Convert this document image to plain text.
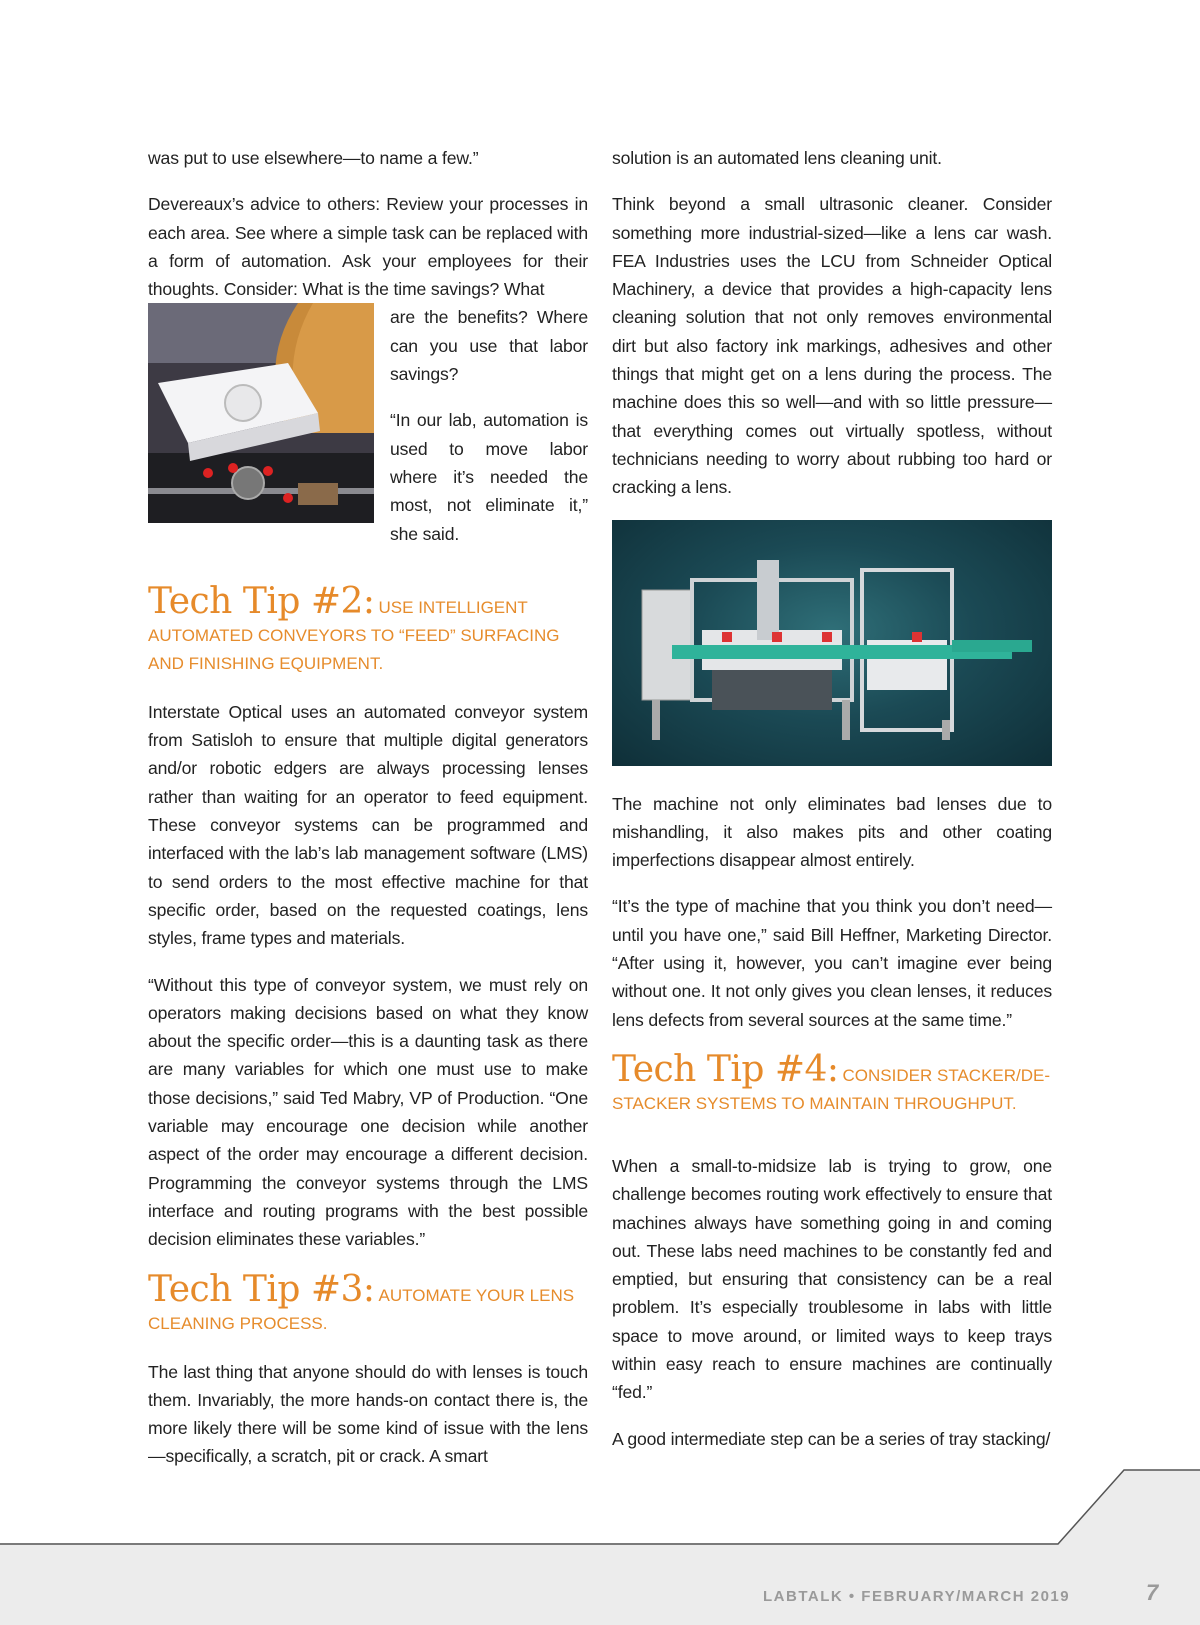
was put to use elsewhere—to name a few.”

Devereaux’s advice to others: Review your processes in each area. See where a simple task can be replaced with a form of automation. Ask your employees for their thoughts. Consider: What is the time savings? What

are the benefits? Where can you use that labor savings?

“In our lab, automation is used to move labor where it’s needed the most, not eliminate it,” she said.

Tech Tip #2: USE INTELLIGENT AUTOMATED CONVEYORS TO “FEED” SURFACING AND FINISHING EQUIPMENT.

Interstate Optical uses an automated conveyor system from Satisloh to ensure that multiple digital generators and/or robotic edgers are always processing lenses rather than waiting for an operator to feed equipment. These conveyor systems can be programmed and interfaced with the lab’s lab management software (LMS) to send orders to the most effective machine for that specific order, based on the requested coatings, lens styles, frame types and materials.

“Without this type of conveyor system, we must rely on operators making decisions based on what they know about the specific order—this is a daunting task as there are many variables for which one must use to make those decisions,” said Ted Mabry, VP of Production. “One variable may encourage one decision while another aspect of the order may encourage a different decision. Programming the conveyor systems through the LMS interface and routing programs with the best possible decision eliminates these variables.”

Tech Tip #3: AUTOMATE YOUR LENS CLEANING PROCESS.

The last thing that anyone should do with lenses is touch them. Invariably, the more hands-on contact there is, the more likely there will be some kind of issue with the lens—specifically, a scratch, pit or crack. A smart

solution is an automated lens cleaning unit.

Think beyond a small ultrasonic cleaner. Consider something more industrial-sized—like a lens car wash. FEA Industries uses the LCU from Schneider Optical Machinery, a device that provides a high-capacity lens cleaning solution that not only removes environmental dirt but also factory ink markings, adhesives and other things that might get on a lens during the process. The machine does this so well—and with so little pressure—that everything comes out virtually spotless, without technicians needing to worry about rubbing too hard or cracking a lens.

The machine not only eliminates bad lenses due to mishandling, it also makes pits and other coating imperfections disappear almost entirely.

“It’s the type of machine that you think you don’t need—until you have one,” said Bill Heffner, Marketing Director. “After using it, however, you can’t imagine ever being without one. It not only gives you clean lenses, it reduces lens defects from several sources at the same time.”

Tech Tip #4: CONSIDER STACKER/DE-STACKER SYSTEMS TO MAINTAIN THROUGHPUT.

When a small-to-midsize lab is trying to grow, one challenge becomes routing work effectively to ensure that machines always have something going in and coming out. These labs need machines to be constantly fed and emptied, but ensuring that consistency can be a real problem. It’s especially troublesome in labs with little space to move around, or limited ways to keep trays within easy reach to ensure machines are continually “fed.”

A good intermediate step can be a series of tray stacking/

LABTALK • FEBRUARY/MARCH 2019	7
